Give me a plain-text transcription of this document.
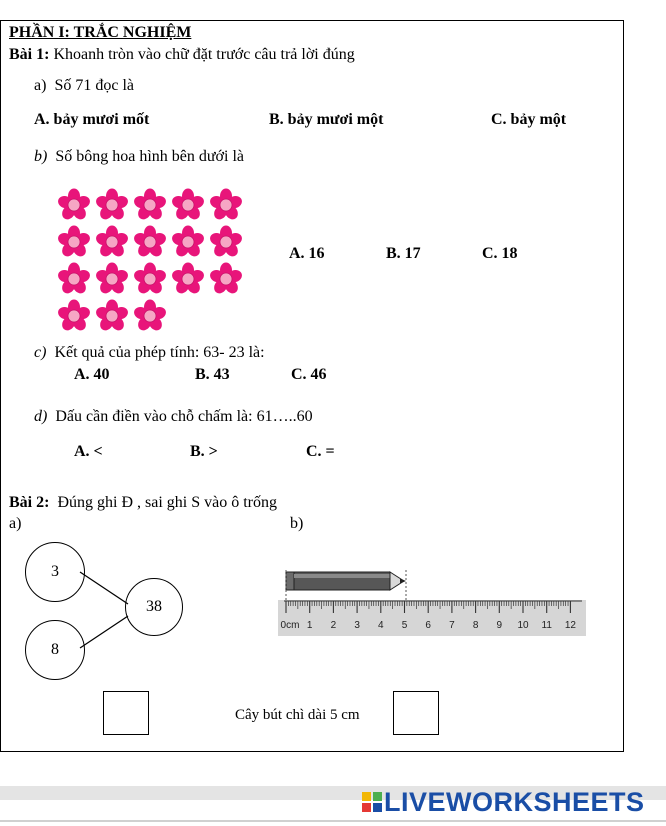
PHẦN I: TRẮC NGHIỆM
Bài 1: Khoanh tròn vào chữ đặt trước câu trả lời đúng
a) Số 71 đọc là
A. bảy mươi mốt	B. bảy mươi một	C. bảy một
b) Số bông hoa hình bên dưới là
A. 16	B. 17	C. 18
c) Kết quả của phép tính: 63- 23 là:
A. 40	B. 43	C. 46
d) Dấu cần điền vào chỗ chấm là: 61…..60
A. <	B. >	C. =
Bài 2: Đúng ghi Đ , sai ghi S vào ô trống
a)	b)
3
8
38
0cm 1 2 3 4 5 6 7 8 9 10 11 12
Cây bút chì dài 5 cm
LIVEWORKSHEETS
